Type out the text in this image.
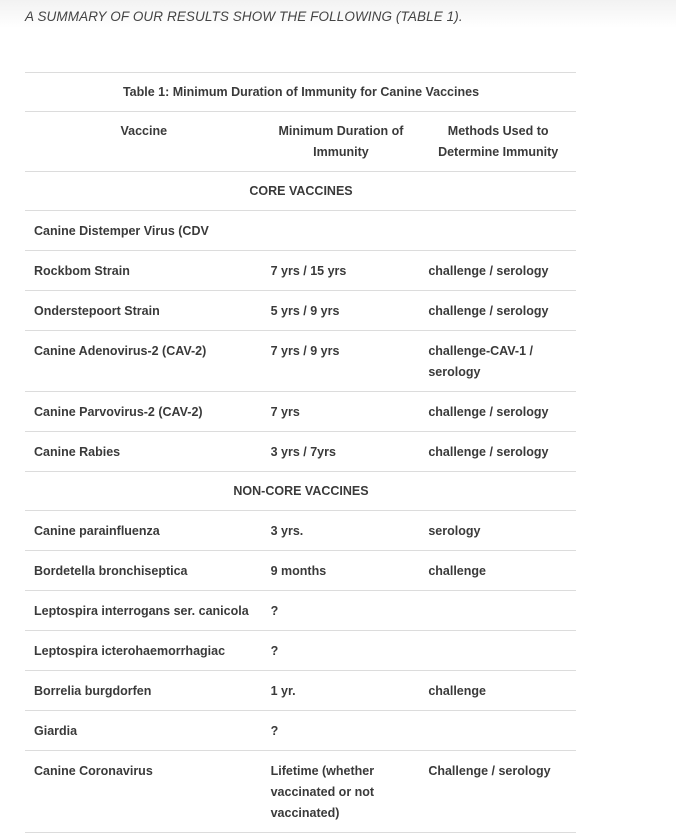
A SUMMARY OF OUR RESULTS SHOW THE FOLLOWING (TABLE 1).
Table 1: Minimum Duration of Immunity for Canine Vaccines		
Vaccine	Minimum Duration of Immunity	Methods Used to Determine Immunity
CORE VACCINES		
Canine Distemper Virus (CDV		
Rockbom Strain	7 yrs / 15 yrs	challenge / serology
Onderstepoort Strain	5 yrs / 9 yrs	challenge / serology
Canine Adenovirus-2 (CAV-2)	7 yrs / 9 yrs	challenge-CAV-1 / serology
Canine Parvovirus-2 (CAV-2)	7 yrs	challenge / serology
Canine Rabies	3 yrs / 7yrs	challenge / serology
NON-CORE VACCINES		
Canine parainfluenza	3 yrs.	serology
Bordetella bronchiseptica	9 months	challenge
Leptospira interrogans ser. canicola	?	
Leptospira icterohaemorrhagiac	?	
Borrelia burgdorfen	1 yr.	challenge
Giardia	?	
Canine Coronavirus	Lifetime (whether vaccinated or not vaccinated)	Challenge / serology
